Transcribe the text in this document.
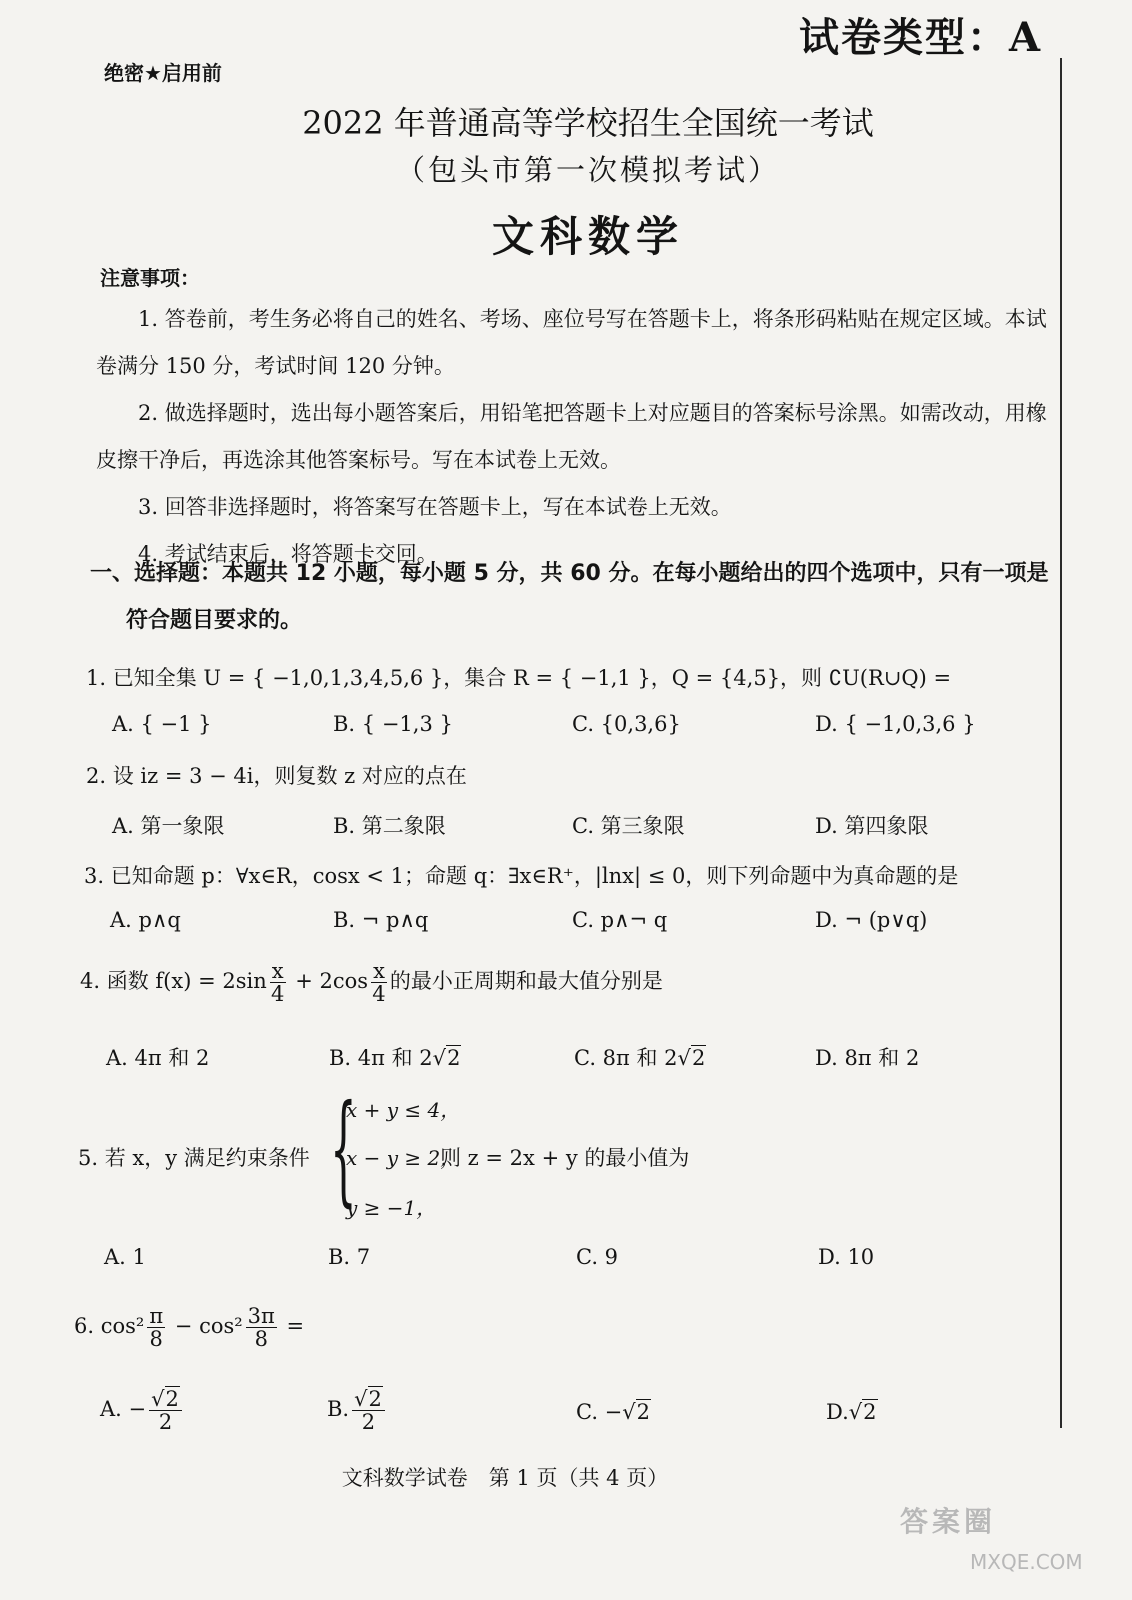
试卷类型：A
绝密★启用前
2022 年普通高等学校招生全国统一考试
（包头市第一次模拟考试）
文科数学
注意事项：

1. 答卷前，考生务必将自己的姓名、考场、座位号写在答题卡上，将条形码粘贴在规定区域。本试卷满分 150 分，考试时间 120 分钟。

2. 做选择题时，选出每小题答案后，用铅笔把答题卡上对应题目的答案标号涂黑。如需改动，用橡皮擦干净后，再选涂其他答案标号。写在本试卷上无效。

3. 回答非选择题时，将答案写在答题卡上，写在本试卷上无效。

4. 考试结束后，将答题卡交回。

一、选择题：本题共 12 小题，每小题 5 分，共 60 分。在每小题给出的四个选项中，只有一项是

符合题目要求的。

1. 已知全集 U = { −1,0,1,3,4,5,6 }，集合 R = { −1,1 }，Q = {4,5}，则 ∁U(R∪Q) =
A. { −1 }	B. { −1,3 }	C. {0,3,6}	D. { −1,0,3,6 }
2. 设 iz = 3 − 4i，则复数 z 对应的点在
A. 第一象限	B. 第二象限	C. 第三象限	D. 第四象限
3. 已知命题 p：∀x∈R，cosx < 1；命题 q：∃x∈R⁺，|lnx| ≤ 0，则下列命题中为真命题的是
A. p∧q	B. ¬ p∧q	C. p∧¬ q	D. ¬ (p∨q)
4. 函数 $f(x) = 2\sin \frac{x}{4} + 2\cos \frac{x}{4}$ 的最小正周期和最大值分别是
A. 4π 和 2	B. 4π 和 2√2	C. 8π 和 2√2	D. 8π 和 2
5. 若 x，y 满足约束条件 {
x + y ≤ 4，
x − y ≥ 2，
y ≥ −1，
则 z = 2x + y 的最小值为
A. 1	B. 7	C. 9	D. 10
6. $\cos^2 \frac{\pi}{8} - \cos^2 \frac{3\pi}{8}$ =
A. − $\frac{√2}{2}$	B. $\frac{√2}{2}$	C. −√2	D.√2
文科数学试卷　第 1 页（共 4 页）
答案圈
MXQE.COM
